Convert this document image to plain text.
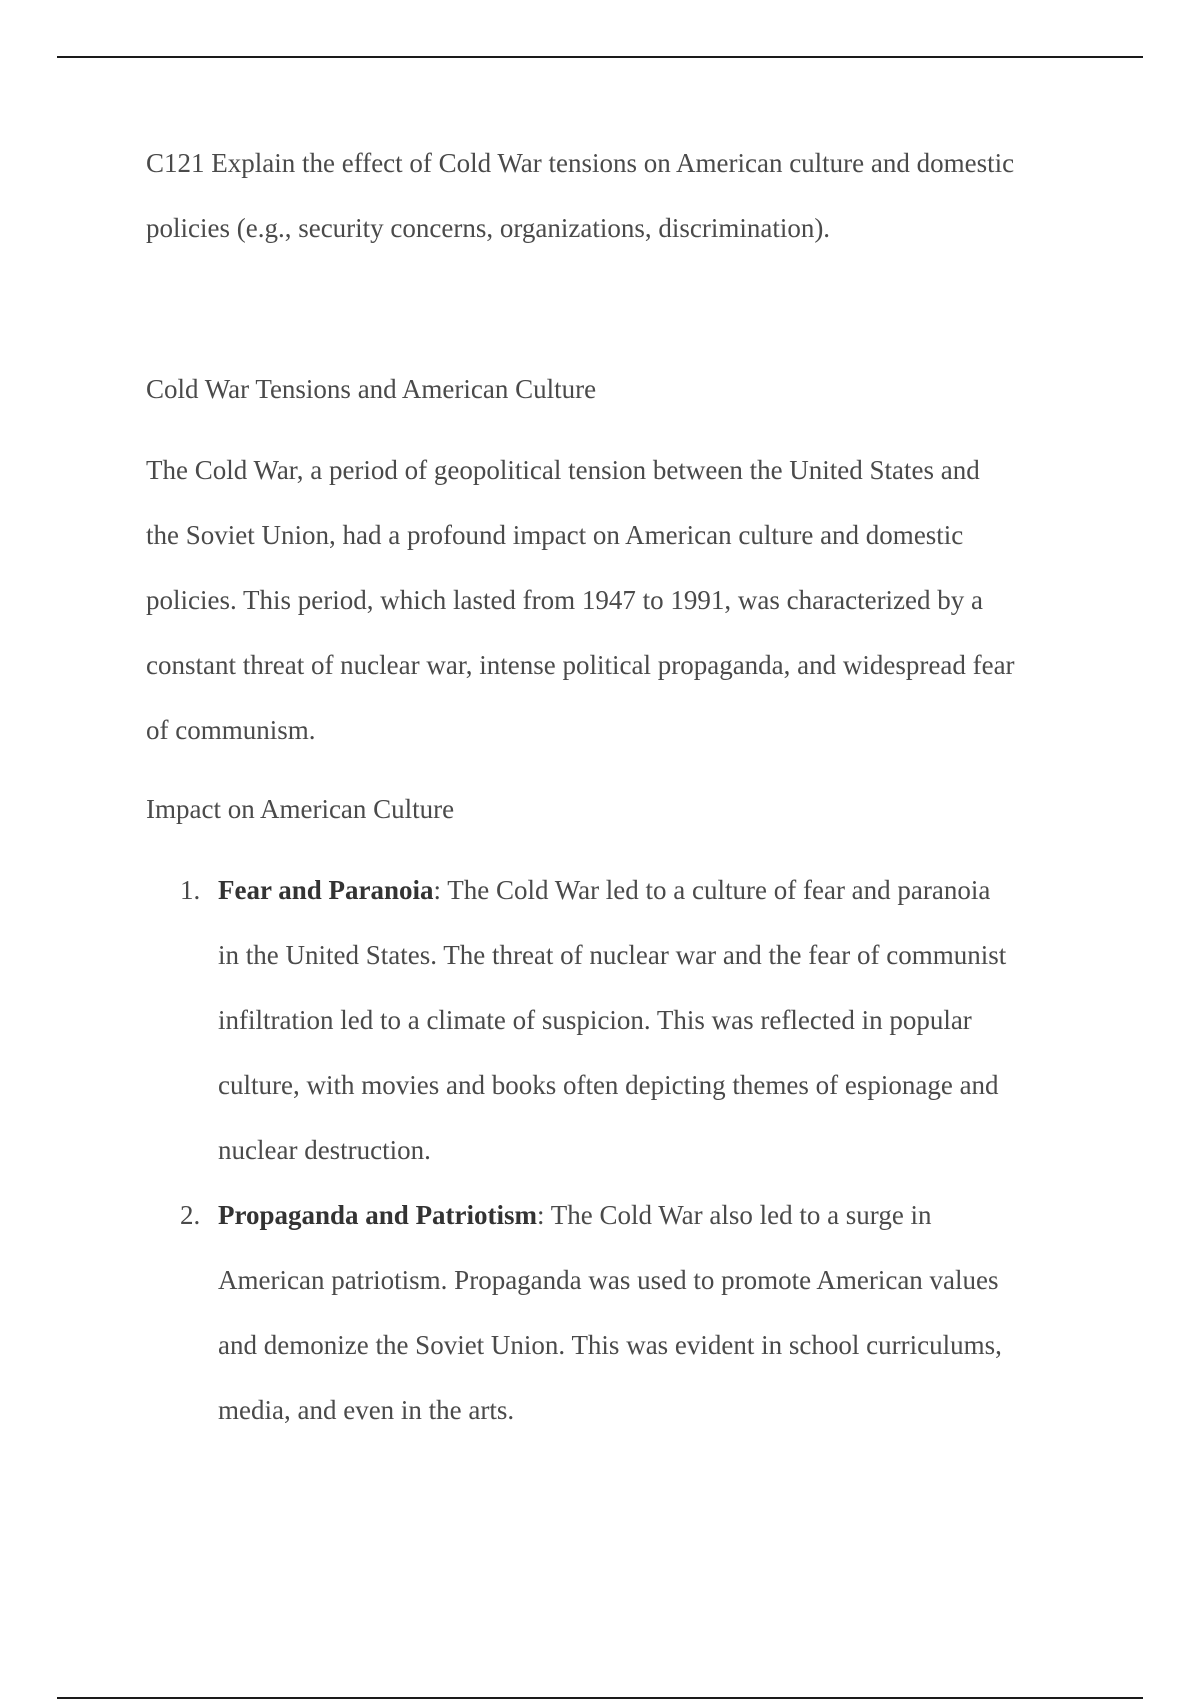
C121 Explain the effect of Cold War tensions on American culture and domestic

policies (e.g., security concerns, organizations, discrimination).

Cold War Tensions and American Culture

The Cold War, a period of geopolitical tension between the United States and

the Soviet Union, had a profound impact on American culture and domestic

policies. This period, which lasted from 1947 to 1991, was characterized by a

constant threat of nuclear war, intense political propaganda, and widespread fear

of communism.

Impact on American Culture

1. Fear and Paranoia: The Cold War led to a culture of fear and paranoia
in the United States. The threat of nuclear war and the fear of communist
infiltration led to a climate of suspicion. This was reflected in popular
culture, with movies and books often depicting themes of espionage and
nuclear destruction.
2. Propaganda and Patriotism: The Cold War also led to a surge in
American patriotism. Propaganda was used to promote American values
and demonize the Soviet Union. This was evident in school curriculums,
media, and even in the arts.
